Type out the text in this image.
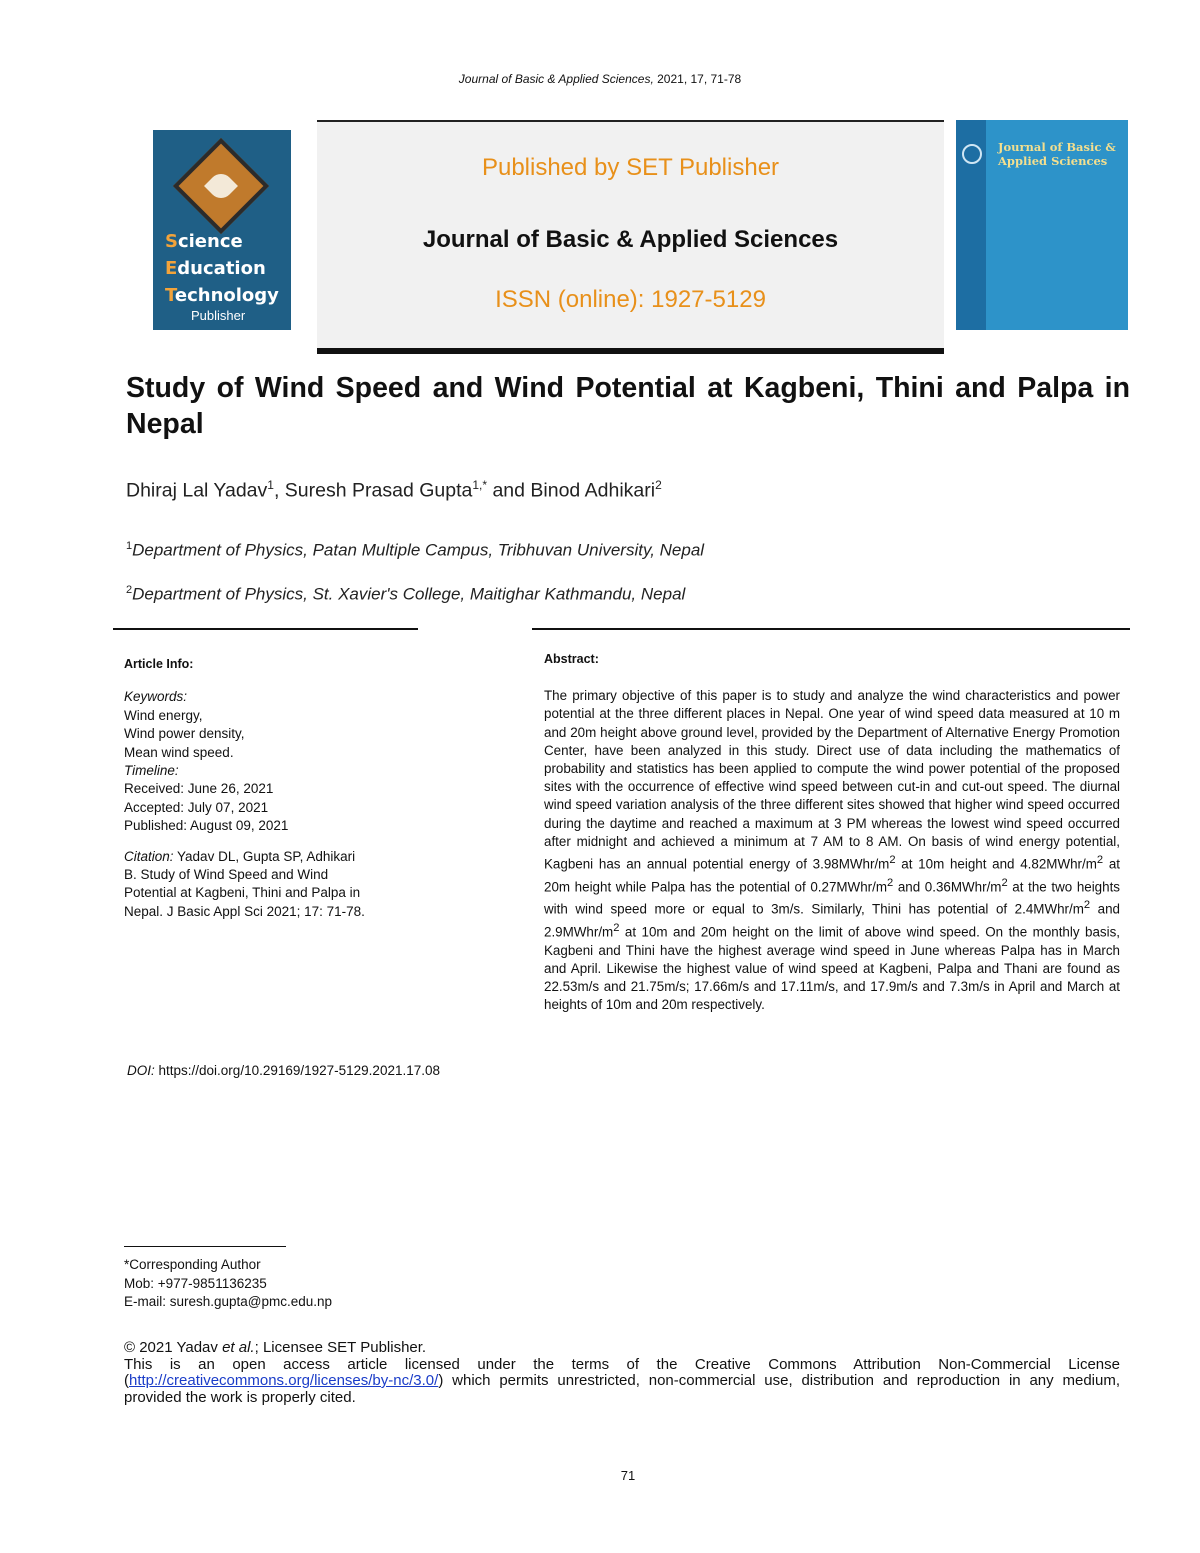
Journal of Basic & Applied Sciences, 2021, 17, 71-78
Science
Education
Technology
Publisher
Published by SET Publisher
Journal of Basic & Applied Sciences
ISSN (online): 1927-5129
Journal of Basic & Applied Sciences
Study of Wind Speed and Wind Potential at Kagbeni, Thini and Palpa in Nepal
Dhiraj Lal Yadav$^1$, Suresh Prasad Gupta$^{1,*}$ and Binod Adhikari$^2$
$^1$Department of Physics, Patan Multiple Campus, Tribhuvan University, Nepal
$^2$Department of Physics, St. Xavier's College, Maitighar Kathmandu, Nepal
Article Info:
Keywords:
Wind energy,
Wind power density,
Mean wind speed.
Timeline:
Received: June 26, 2021
Accepted: July 07, 2021
Published: August 09, 2021
Citation: Yadav DL, Gupta SP, Adhikari
B. Study of Wind Speed and Wind
Potential at Kagbeni, Thini and Palpa in
Nepal. J Basic Appl Sci 2021; 17: 71-78.
Abstract:

The primary objective of this paper is to study and analyze the wind characteristics and power potential at the three different places in Nepal. One year of wind speed data measured at 10 m and 20m height above ground level, provided by the Department of Alternative Energy Promotion Center, have been analyzed in this study. Direct use of data including the mathematics of probability and statistics has been applied to compute the wind power potential of the proposed sites with the occurrence of effective wind speed between cut-in and cut-out speed. The diurnal wind speed variation analysis of the three different sites showed that higher wind speed occurred during the daytime and reached a maximum at 3 PM whereas the lowest wind speed occurred after midnight and achieved a minimum at 7 AM to 8 AM. On basis of wind energy potential, Kagbeni has an annual potential energy of $3.98MWhr/m^2$ at 10m height and $4.82MWhr/m^2$ at 20m height while Palpa has the potential of $0.27MWhr/m^2$ and $0.36MWhr/m^2$ at the two heights with wind speed more or equal to 3m/s. Similarly, Thini has potential of $2.4MWhr/m^2$ and $2.9MWhr/m^2$ at 10m and 20m height on the limit of above wind speed. On the monthly basis, Kagbeni and Thini have the highest average wind speed in June whereas Palpa has in March and April. Likewise the highest value of wind speed at Kagbeni, Palpa and Thani are found as 22.53m/s and 21.75m/s; 17.66m/s and 17.11m/s, and 17.9m/s and 7.3m/s in April and March at heights of 10m and 20m respectively.

DOI: https://doi.org/10.29169/1927-5129.2021.17.08
*Corresponding Author
Mob: +977-9851136235
E-mail: suresh.gupta@pmc.edu.np
© 2021 Yadav et al.; Licensee SET Publisher.
This is an open access article licensed under the terms of the Creative Commons Attribution Non-Commercial License (http://creativecommons.org/licenses/by-nc/3.0/) which permits unrestricted, non-commercial use, distribution and reproduction in any medium, provided the work is properly cited.
71
